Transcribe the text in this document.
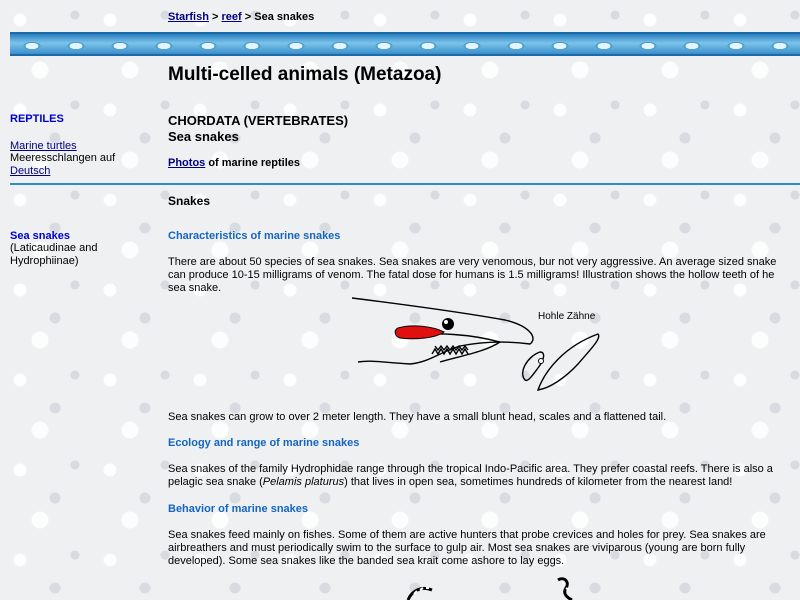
Starfish > reef > Sea snakes
Multi-celled animals (Metazoa)
REPTILES
Marine turtles
Meeresschlangen auf
Deutsch
CHORDATA (VERTEBRATES)
Sea snakes
Photos of marine reptiles
Snakes
Sea snakes
(Laticaudinae and Hydrophiinae)
Characteristics of marine snakes
There are about 50 species of sea snakes. Sea snakes are very venomous, bur not very aggressive. An average sized snake can produce 10-15 milligrams of venom. The fatal dose for humans is 1.5 milligrams! Illustration shows the hollow teeth of he sea snake.
Hohle Zähne
Sea snakes can grow to over 2 meter length. They have a small blunt head, scales and a flattened tail.
Ecology and range of marine snakes
Sea snakes of the family Hydrophidae range through the tropical Indo-Pacific area. They prefer coastal reefs. There is also a pelagic sea snake (Pelamis platurus) that lives in open sea, sometimes hundreds of kilometer from the nearest land!
Behavior of marine snakes
Sea snakes feed mainly on fishes. Some of them are active hunters that probe crevices and holes for prey. Sea snakes are airbreathers and must periodically swim to the surface to gulp air. Most sea snakes are viviparous (young are born fully developed). Some sea snakes like the banded sea krait come ashore to lay eggs.
